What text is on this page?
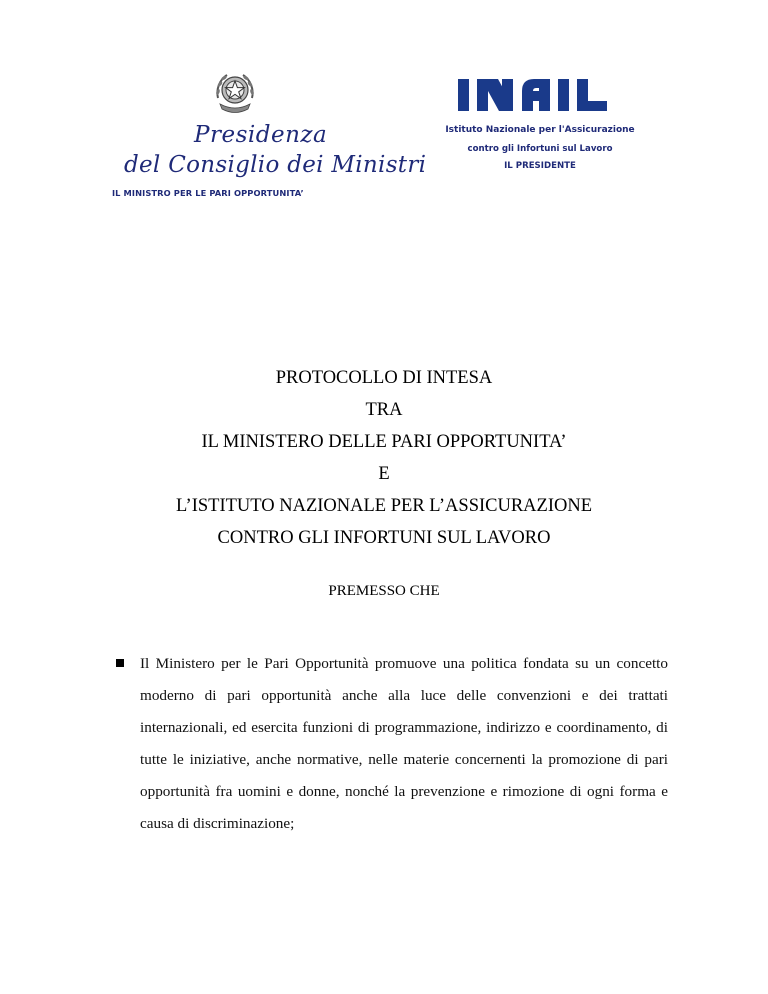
Presidenza
del Consiglio dei Ministri
IL MINISTRO PER LE PARI OPPORTUNITA’
Istituto Nazionale per l'Assicurazione
contro gli Infortuni sul Lavoro
IL PRESIDENTE
PROTOCOLLO DI INTESA
TRA
IL MINISTERO DELLE PARI OPPORTUNITA’
E
L’ISTITUTO NAZIONALE PER L’ASSICURAZIONE
CONTRO GLI INFORTUNI SUL LAVORO
PREMESSO CHE
Il Ministero per le Pari Opportunità promuove una politica fondata su un concetto moderno di pari opportunità anche alla luce delle convenzioni e dei trattati internazionali, ed esercita funzioni di programmazione, indirizzo e coordinamento, di tutte le iniziative, anche normative, nelle materie concernenti la promozione di pari opportunità fra uomini e donne, nonché la prevenzione e rimozione di ogni forma e causa di discriminazione;
